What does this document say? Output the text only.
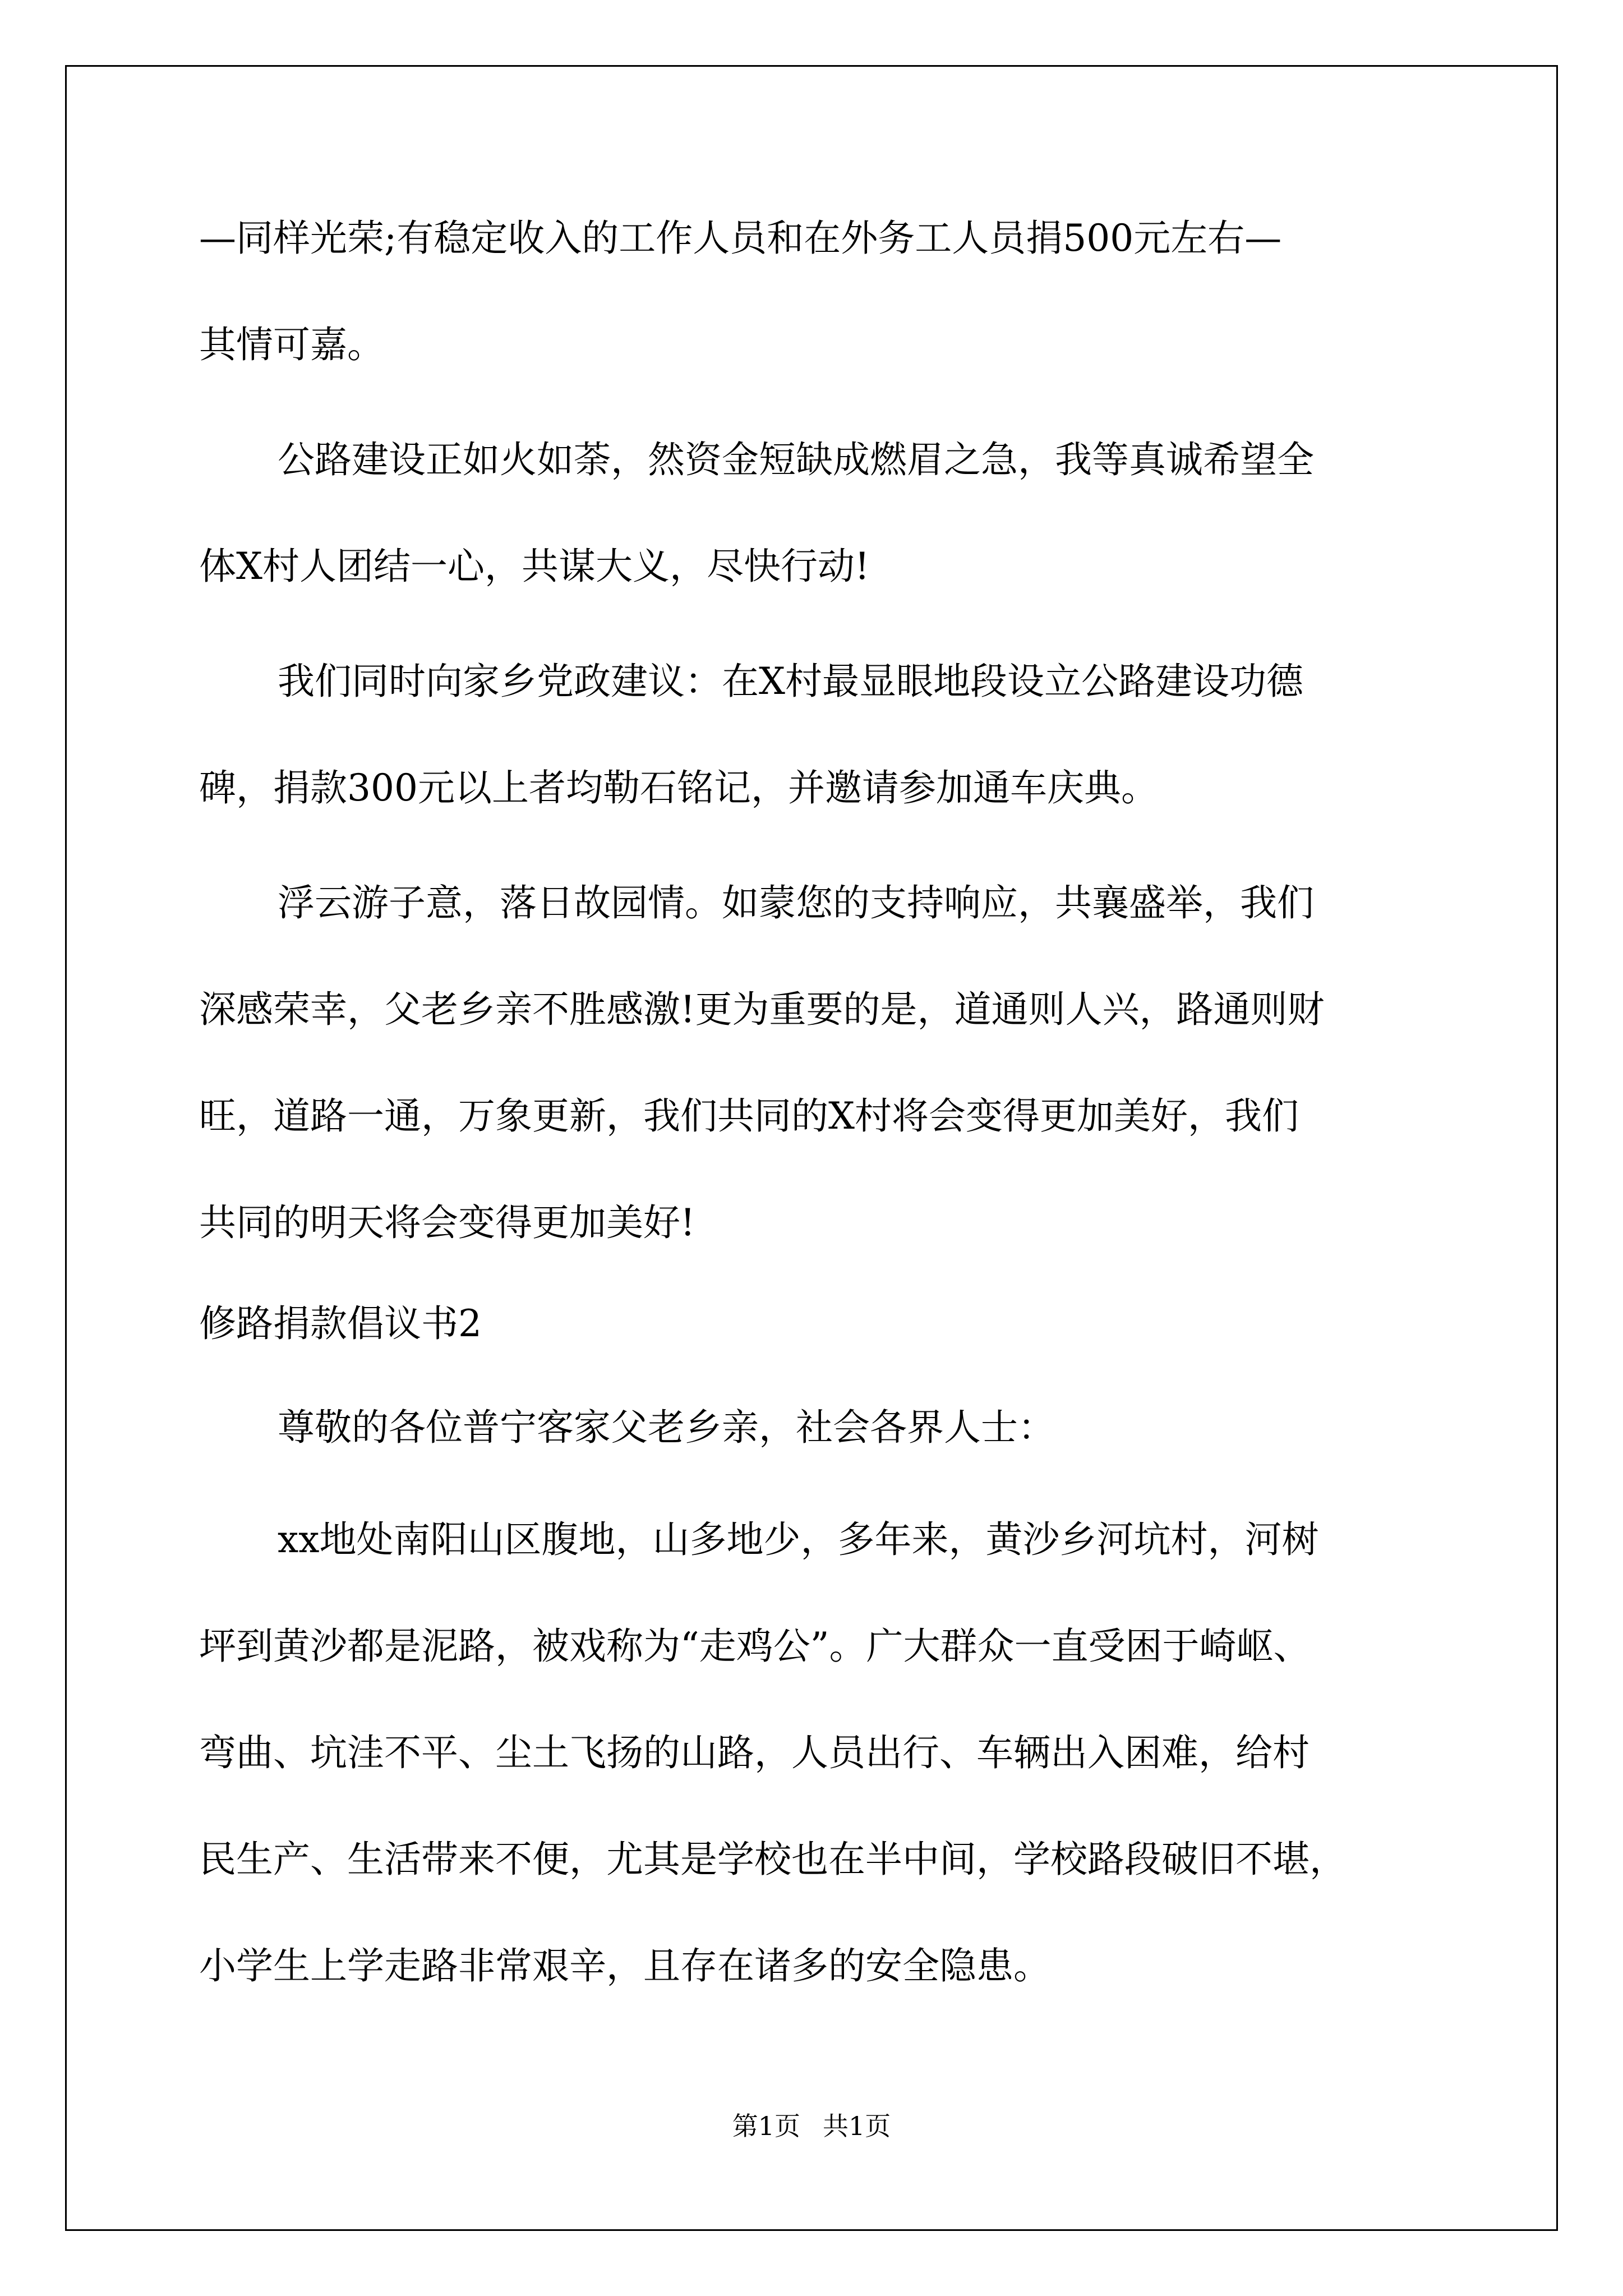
—同样光荣;有稳定收入的工作人员和在外务工人员捐500元左右—
其情可嘉。
公路建设正如火如荼，然资金短缺成燃眉之急，我等真诚希望全
体X村人团结一心，共谋大义，尽快行动!
我们同时向家乡党政建议：在X村最显眼地段设立公路建设功德
碑，捐款300元以上者均勒石铭记，并邀请参加通车庆典。
浮云游子意，落日故园情。如蒙您的支持响应，共襄盛举，我们
深感荣幸，父老乡亲不胜感激!更为重要的是，道通则人兴，路通则财
旺，道路一通，万象更新，我们共同的X村将会变得更加美好，我们
共同的明天将会变得更加美好!
修路捐款倡议书2
尊敬的各位普宁客家父老乡亲，社会各界人士：
xx地处南阳山区腹地，山多地少，多年来，黄沙乡河坑村，河树
坪到黄沙都是泥路，被戏称为“走鸡公”。广大群众一直受困于崎岖、
弯曲、坑洼不平、尘土飞扬的山路，人员出行、车辆出入困难，给村
民生产、生活带来不便，尤其是学校也在半中间，学校路段破旧不堪，
小学生上学走路非常艰辛，且存在诸多的安全隐患。
第1页 共1页
